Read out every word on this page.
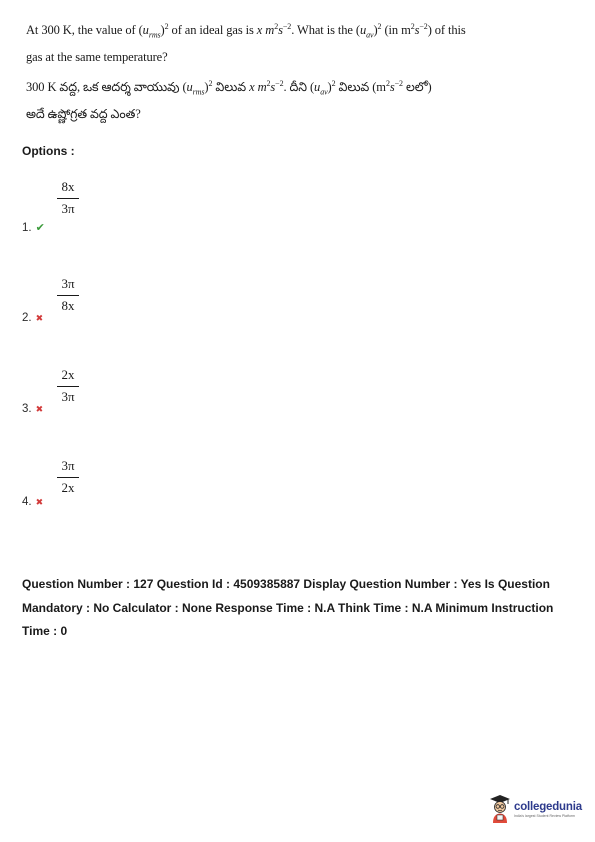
At 300 K, the value of $(u_{rms})^2$ of an ideal gas is x $m^2s^{-2}$. What is the $(u_{av})^2$ (in $m^2s^{-2}$) of this
gas at the same temperature?
300 K వద్ద, ఒక ఆదర్శ వాయువు $(u_{rms})^2$ విలువ x $m^2s^{-2}$. దీని $(u_{av})^2$ విలువ ($m^2s^{-2}$ లలో)
అదే ఉష్ణోగ్రత వద్ద ఎంత?
Options :
8x
3π
1. ✔
3π
8x
2. ✖
2x
3π
3. ✖
3π
2x
4. ✖
Question Number : 127 Question Id : 4509385887 Display Question Number : Yes Is Question Mandatory : No Calculator : None Response Time : N.A Think Time : N.A Minimum Instruction Time : 0
collegedunia
India's largest Student Review Platform
